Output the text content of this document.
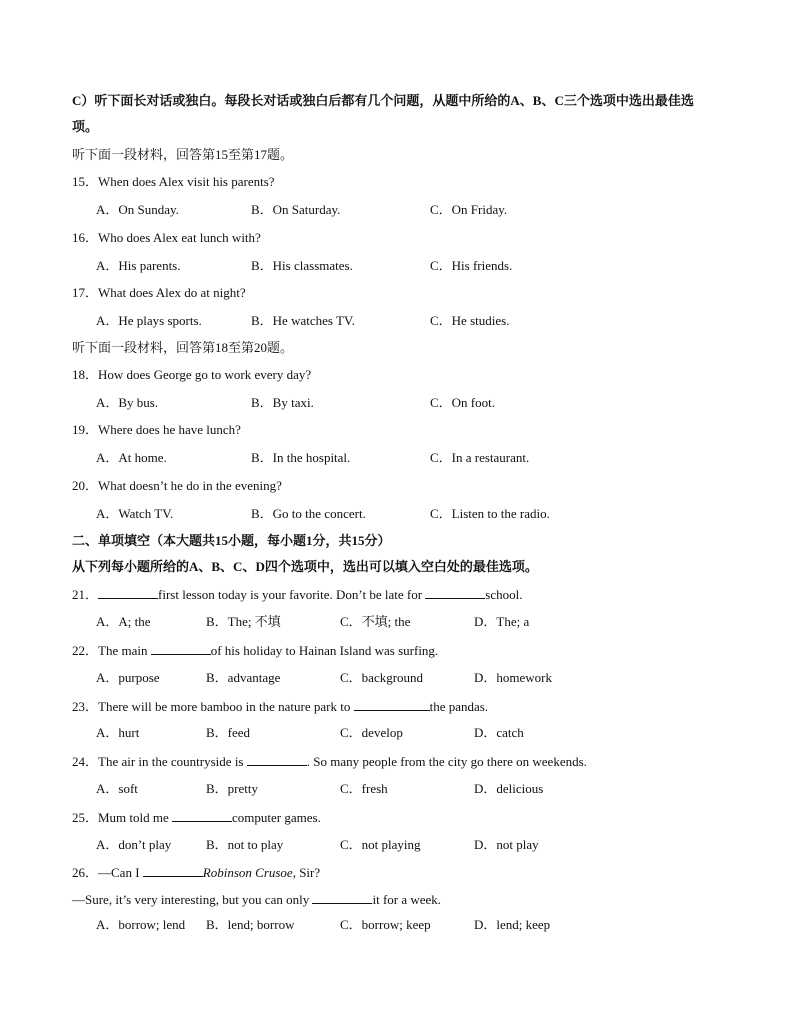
C）听下面长对话或独白。每段长对话或独白后都有几个问题，从题中所给的A、B、C三个选项中选出最佳选
项。
听下面一段材料，回答第15至第17题。
15．When does Alex visit his parents?
A．On Sunday.	B．On Saturday.	C．On Friday.
16．Who does Alex eat lunch with?
A．His parents.	B．His classmates.	C．His friends.
17．What does Alex do at night?
A．He plays sports.	B．He watches TV.	C．He studies.
听下面一段材料，回答第18至第20题。
18．How does George go to work every day?
A．By bus.	B．By taxi.	C．On foot.
19．Where does he have lunch?
A．At home.	B．In the hospital.	C．In a restaurant.
20．What doesn’t he do in the evening?
A．Watch TV.	B．Go to the concert.	C．Listen to the radio.
二、单项填空（本大题共15小题，每小题1分，共15分）
从下列每小题所给的A、B、C、D四个选项中，选出可以填入空白处的最佳选项。
21．	first lesson today is your favorite. Don’t be late for	school.
A．A; the	B．The; 不填	C．不填; the	D．The; a
22．The main	of his holiday to Hainan Island was surfing.
A．purpose	B．advantage	C．background	D．homework
23．There will be more bamboo in the nature park to	the pandas.
A．hurt	B．feed	C．develop	D．catch
24．The air in the countryside is	. So many people from the city go there on weekends.
A．soft	B．pretty	C．fresh	D．delicious
25．Mum told me	computer games.
A．don’t play	B．not to play	C．not playing	D．not play
26．—Can I	Robinson Crusoe, Sir?
—Sure, it’s very interesting, but you can only	it for a week.
A．borrow; lend B．lend; borrow	C．borrow; keep	D．lend; keep
